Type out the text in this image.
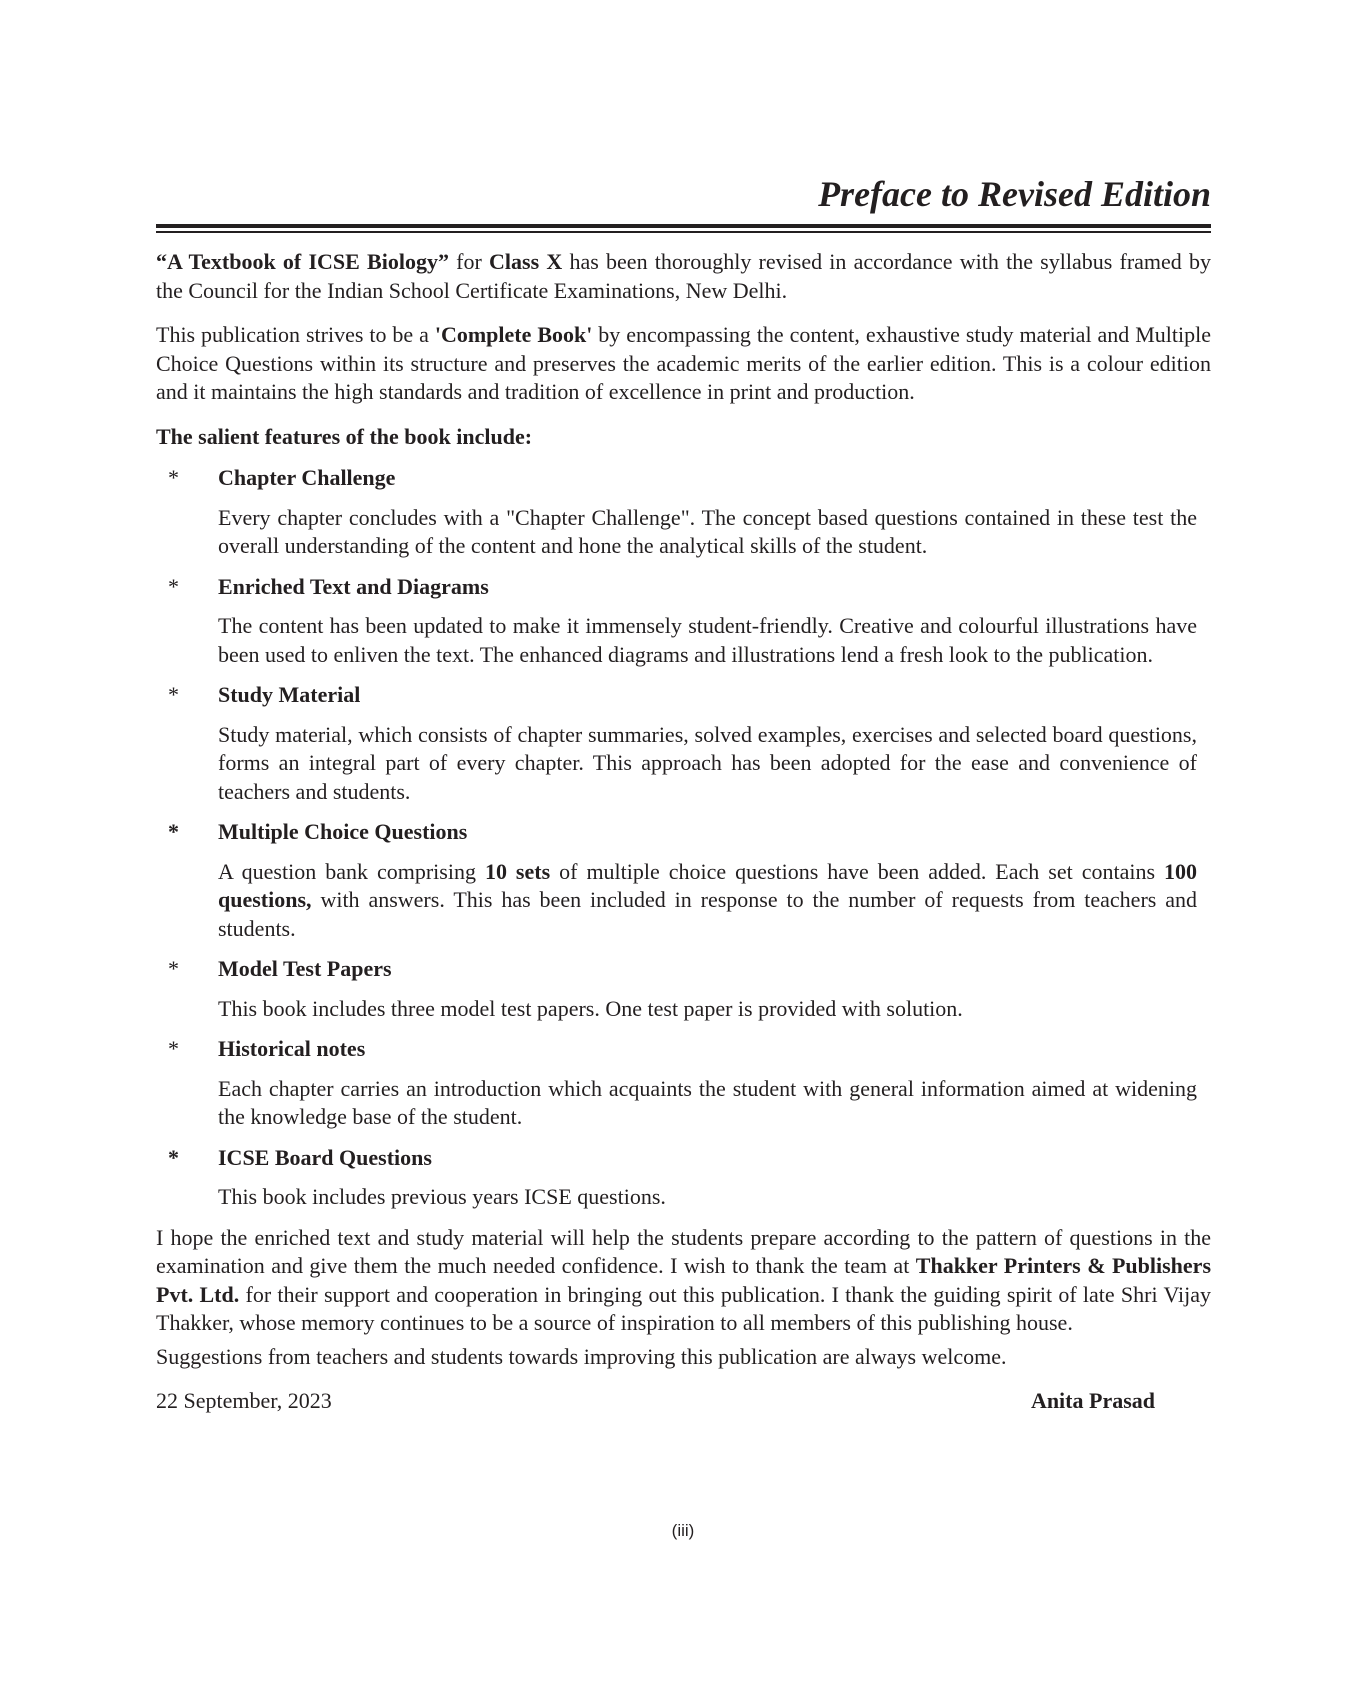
Preface to Revised Edition

“A Textbook of ICSE Biology” for Class X has been thoroughly revised in accordance with the syllabus framed by the Council for the Indian School Certificate Examinations, New Delhi.

This publication strives to be a 'Complete Book' by encompassing the content, exhaustive study material and Multiple Choice Questions within its structure and preserves the academic merits of the earlier edition. This is a colour edition and it maintains the high standards and tradition of excellence in print and production.

The salient features of the book include:

*	Chapter Challenge

Every chapter concludes with a "Chapter Challenge". The concept based questions contained in these test the overall understanding of the content and hone the analytical skills of the student.

*	Enriched Text and Diagrams

The content has been updated to make it immensely student-friendly. Creative and colourful illustrations have been used to enliven the text. The enhanced diagrams and illustrations lend a fresh look to the publication.

*	Study Material

Study material, which consists of chapter summaries, solved examples, exercises and selected board questions, forms an integral part of every chapter. This approach has been adopted for the ease and convenience of teachers and students.

*	Multiple Choice Questions

A question bank comprising 10 sets of multiple choice questions have been added. Each set contains 100 questions, with answers. This has been included in response to the number of requests from teachers and students.

*	Model Test Papers

This book includes three model test papers. One test paper is provided with solution.

*	Historical notes

Each chapter carries an introduction which acquaints the student with general information aimed at widening the knowledge base of the student.

*	ICSE Board Questions

This book includes previous years ICSE questions.

I hope the enriched text and study material will help the students prepare according to the pattern of questions in the examination and give them the much needed confidence. I wish to thank the team at Thakker Printers & Publishers Pvt. Ltd. for their support and cooperation in bringing out this publication. I thank the guiding spirit of late Shri Vijay Thakker, whose memory continues to be a source of inspiration to all members of this publishing house.

Suggestions from teachers and students towards improving this publication are always welcome.

22 September, 2023	Anita Prasad
(iii)
